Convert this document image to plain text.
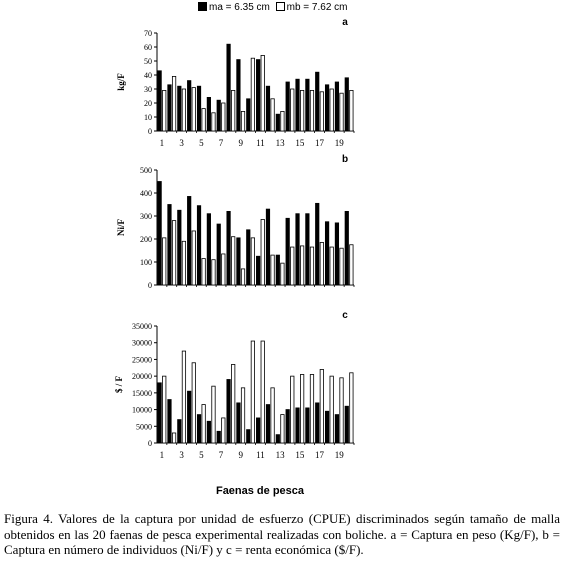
ma = 6.35 cm mb = 7.62 cm
0
10
20
30
40
50
60
70
kg/F
a
1 3 5 7 9 11 13 15 17 19
0
100
200
300
400
500
Ni/F
b
0
5000
10000
15000
20000
25000
30000
35000
$ / F
c
1 3 5 7 9 11 13 15 17 19
Faenas de pesca
Figura 4. Valores de la captura por unidad de esfuerzo (CPUE) discriminados según tamaño de malla obtenidos en las 20 faenas de pesca experimental realizadas con boliche. a = Captura en peso (Kg/F), b = Captura en número de individuos (Ni/F) y c = renta económica ($/F).
